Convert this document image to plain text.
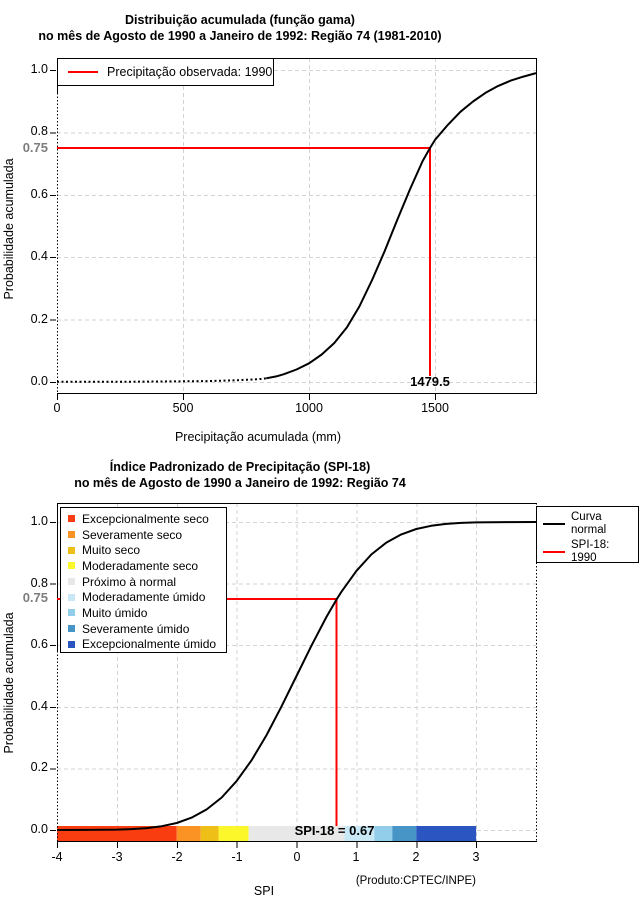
Distribuição acumulada (função gama)
no mês de Agosto de 1990 a Janeiro de 1992: Região 74 (1981-2010)
Probabilidade acumulada
Precipitação acumulada (mm)
Precipitação observada: 1990
0.75
1479.5
Índice Padronizado de Precipitação (SPI-18)
no mês de Agosto de 1990 a Janeiro de 1992: Região 74
Probabilidade acumulada
SPI
Excepcionalmente seco
Severamente seco
Muito seco
Moderadamente seco
Próximo à normal
Moderadamente úmido
Muito úmido
Severamente úmido
Excepcionalmente úmido
Curva normal
SPI-18: 1990
0.75
SPI-18 = 0.67
(Produto:CPTEC/INPE)
0	500	1000	1500
0.0
0.2
0.4
0.6
0.8
1.0
-4	-3	-2	-1	0	1	2	3
0.0
0.2
0.4
0.6
0.8
1.0
